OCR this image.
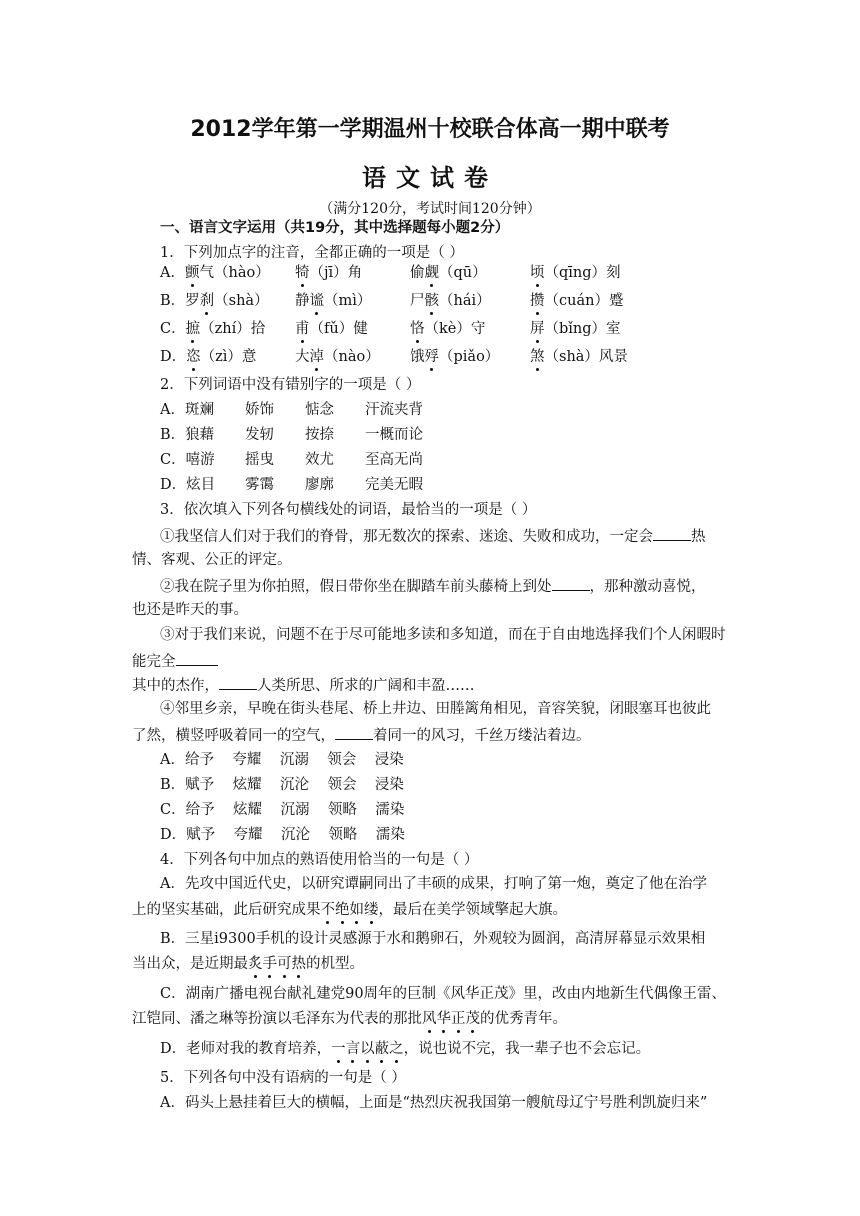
2012学年第一学期温州十校联合体高一期中联考
语文试卷
（满分120分，考试时间120分钟）
一、语言文字运用（共19分，其中选择题每小题2分）
1．下列加点字的注音，全都正确的一项是（ ）
A．颤气（hào） 犄（jī）角	偷觑（qū）	顷（qīng）刻
B．罗刹（shà） 静谧（mì）	尸骸（hái）	攒（cuán）蹙
C．摭（zhí）拾 甫（fǔ）健	恪（kè）守	屏（bǐng）室
D．恣（zì）意	大淖（nào） 饿殍（piǎo） 煞（shà）风景
2．下列词语中没有错别字的一项是（ ）
A．斑斓 娇饰 惦念 汗流夹背
B．狼藉 发轫 按捺 一概而论
C．嘻游 摇曳 效尤 至高无尚
D．炫目 雾霭 廖廓 完美无暇
3．依次填入下列各句横线处的词语，最恰当的一项是（ ）
①我坚信人们对于我们的脊骨，那无数次的探索、迷途、失败和成功，一定会	热
情、客观、公正的评定。
②我在院子里为你拍照，假日带你坐在脚踏车前头藤椅上到处	，那种激动喜悦，
也还是昨天的事。
③对于我们来说，问题不在于尽可能地多读和多知道，而在于自由地选择我们个人闲暇时
能完全
其中的杰作，	人类所思、所求的广阔和丰盈……
④邻里乡亲，早晚在街头巷尾、桥上井边、田塍篱角相见，音容笑貌，闭眼塞耳也彼此
了然，横竖呼吸着同一的空气，	着同一的风习，千丝万缕沾着边。
A．给予    夸耀    沉溺    领会    浸染
B．赋予    炫耀    沉沦    领会    浸染
C．给予    炫耀    沉溺    领略    濡染
D．赋予    夸耀    沉沦    领略    濡染
4．下列各句中加点的熟语使用恰当的一句是（ ）
A．先攻中国近代史，以研究谭嗣同出了丰硕的成果，打响了第一炮，奠定了他在治学
上的坚实基础，此后研究成果不绝如缕，最后在美学领域擎起大旗。
B．三星i9300手机的设计灵感源于水和鹅卵石，外观较为圆润，高清屏幕显示效果相
当出众，是近期最炙手可热的机型。
C．湖南广播电视台献礼建党90周年的巨制《风华正茂》里，改由内地新生代偶像王雷、
江铠同、潘之琳等扮演以毛泽东为代表的那批风华正茂的优秀青年。
D．老师对我的教育培养，一言以蔽之，说也说不完，我一辈子也不会忘记。
5．下列各句中没有语病的一句是（ ）
A．码头上悬挂着巨大的横幅，上面是“热烈庆祝我国第一艘航母辽宁号胜利凯旋归来”
